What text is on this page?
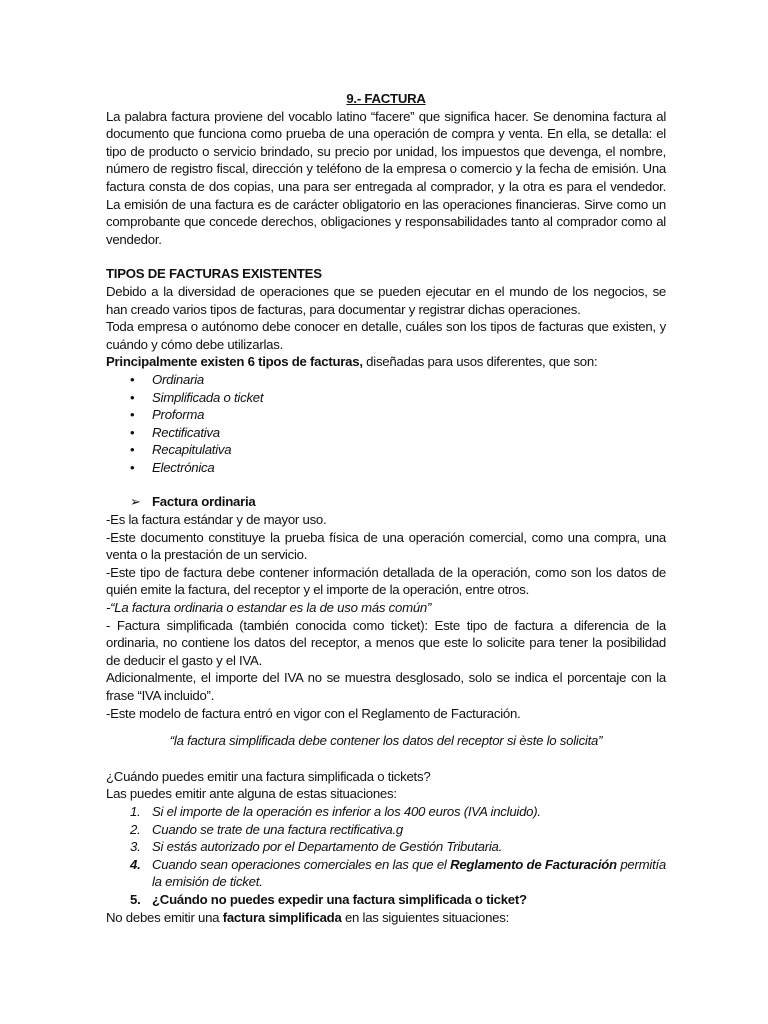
9.- FACTURA

La palabra factura proviene del vocablo latino “facere” que significa hacer. Se denomina factura al documento que funciona como prueba de una operación de compra y venta. En ella, se detalla: el tipo de producto o servicio brindado, su precio por unidad, los impuestos que devenga, el nombre, número de registro fiscal, dirección y teléfono de la empresa o comercio y la fecha de emisión. Una factura consta de dos copias, una para ser entregada al comprador, y la otra es para el vendedor. La emisión de una factura es de carácter obligatorio en las operaciones financieras. Sirve como un comprobante que concede derechos, obligaciones y responsabilidades tanto al comprador como al vendedor.

TIPOS DE FACTURAS EXISTENTES

Debido a la diversidad de operaciones que se pueden ejecutar en el mundo de los negocios, se han creado varios tipos de facturas, para documentar y registrar dichas operaciones.

Toda empresa o autónomo debe conocer en detalle, cuáles son los tipos de facturas que existen, y cuándo y cómo debe utilizarlas.

Principalmente existen 6 tipos de facturas, diseñadas para usos diferentes, que son:

• Ordinaria
• Simplificada o ticket
• Proforma
• Rectificativa
• Recapitulativa
• Electrónica

➢ Factura ordinaria

-Es la factura estándar y de mayor uso.

-Este documento constituye la prueba física de una operación comercial, como una compra, una venta o la prestación de un servicio.

-Este tipo de factura debe contener información detallada de la operación, como son los datos de quién emite la factura, del receptor y el importe de la operación, entre otros.

-“La factura ordinaria o estandar es la de uso más común”

- Factura simplificada (también conocida como ticket): Este tipo de factura a diferencia de la ordinaria, no contiene los datos del receptor, a menos que este lo solicite para tener la posibilidad de deducir el gasto y el IVA.

Adicionalmente, el importe del IVA no se muestra desglosado, solo se indica el porcentaje con la frase “IVA incluido”.

-Este modelo de factura entró en vigor con el Reglamento de Facturación.

“la factura simplificada debe contener los datos del receptor si èste lo solicita”

¿Cuándo puedes emitir una factura simplificada o tickets?

Las puedes emitir ante alguna de estas situaciones:

1. Si el importe de la operación es inferior a los 400 euros (IVA incluido).
2. Cuando se trate de una factura rectificativa.g
3. Si estás autorizado por el Departamento de Gestión Tributaria.
4. Cuando sean operaciones comerciales en las que el Reglamento de Facturación permitía la emisión de ticket.
5. ¿Cuándo no puedes expedir una factura simplificada o ticket?

No debes emitir una factura simplificada en las siguientes situaciones:
